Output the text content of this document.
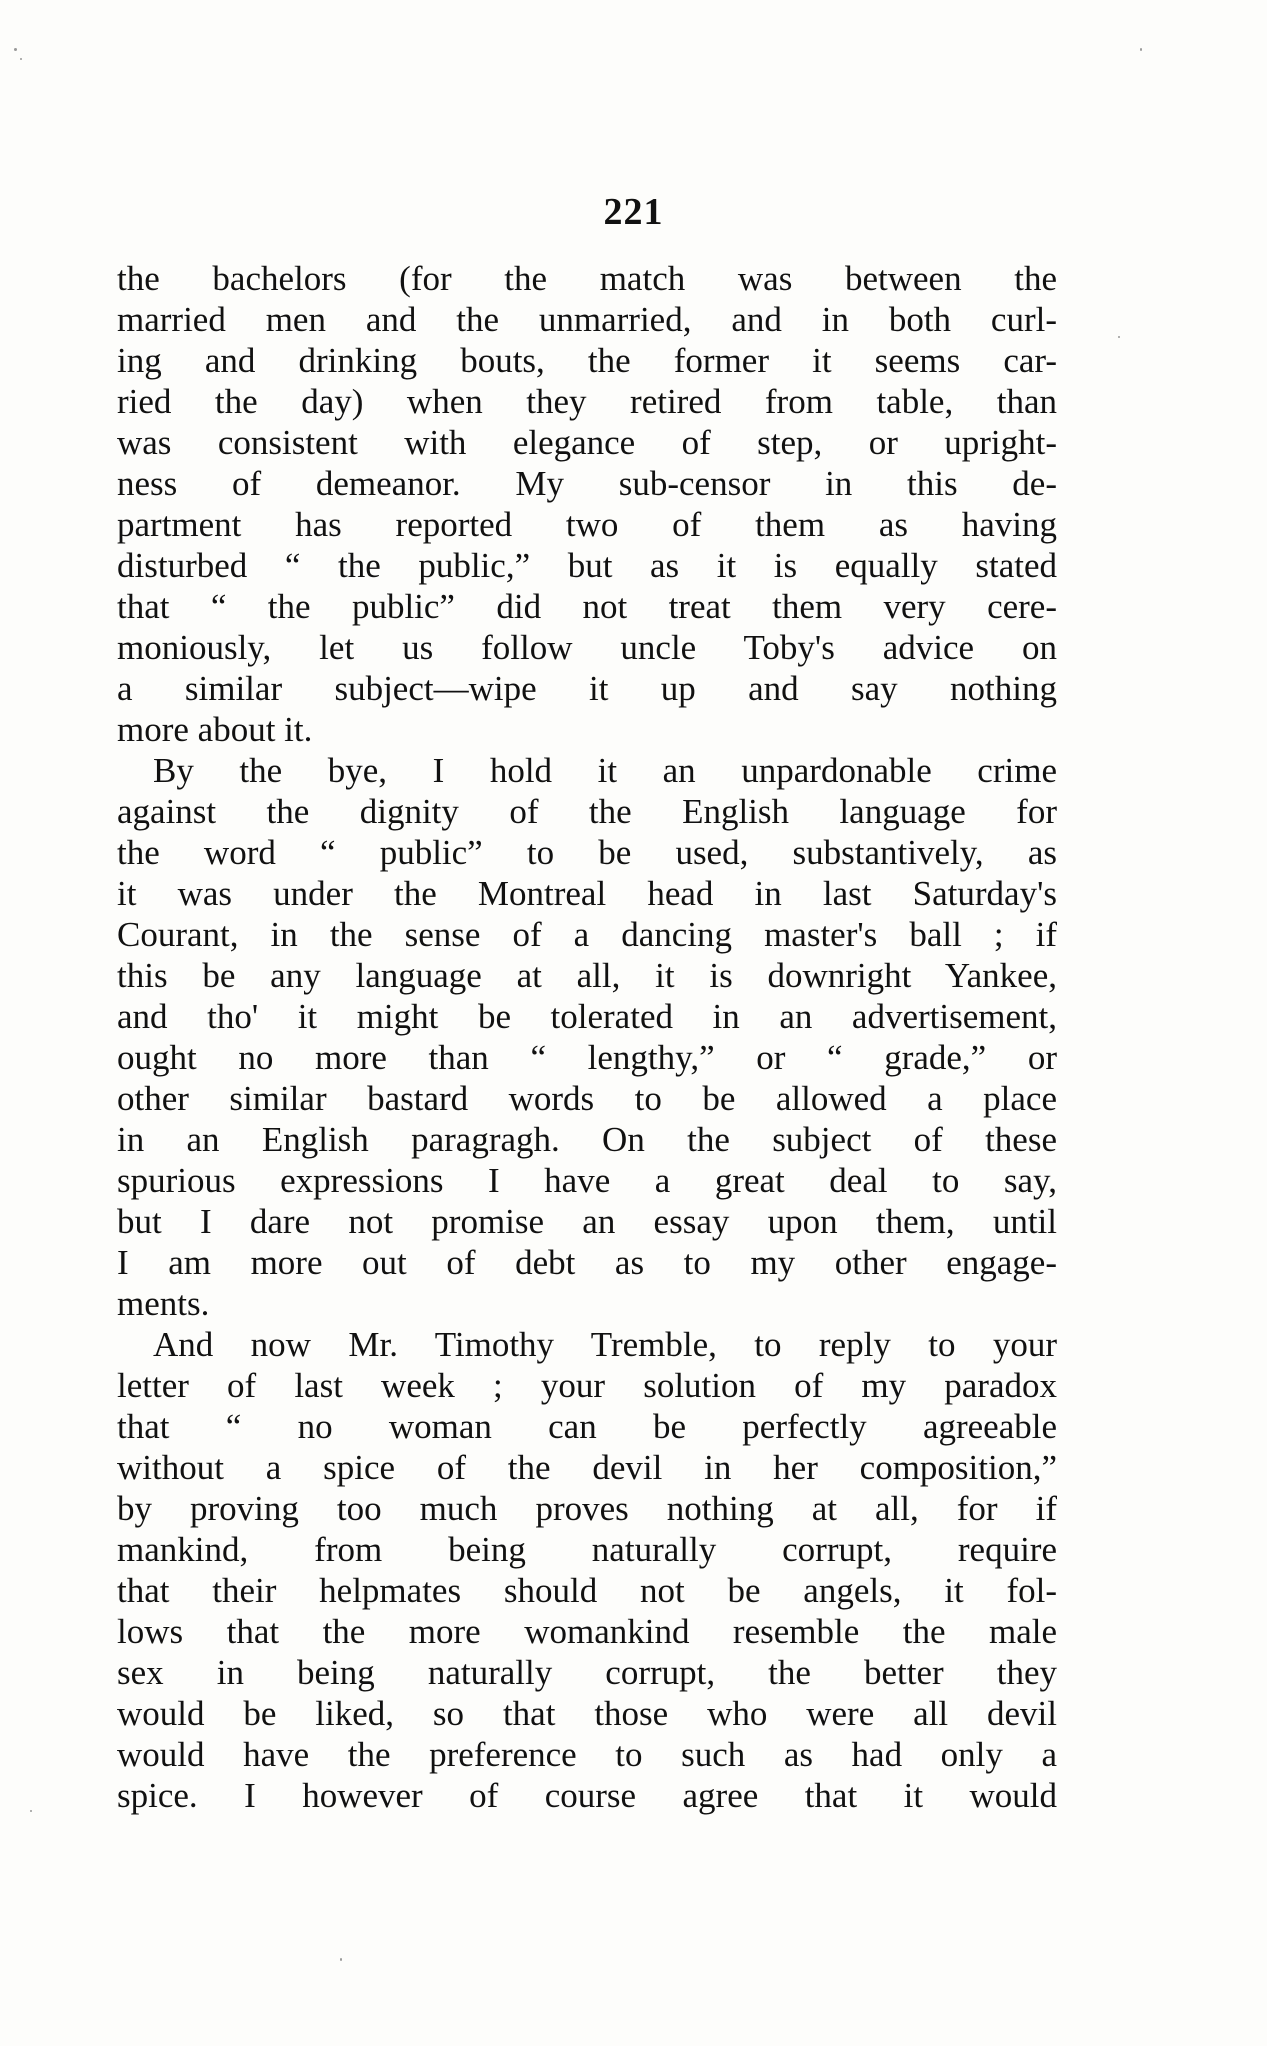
221
the bachelors (for the match was between the
married men and the unmarried, and in both curl-
ing and drinking bouts, the former it seems car-
ried the day) when they retired from table, than
was consistent with elegance of step, or upright-
ness of demeanor. My sub-censor in this de-
partment has reported two of them as having
disturbed “ the public,” but as it is equally stated
that “ the public” did not treat them very cere-
moniously, let us follow uncle Toby's advice on
a similar subject—wipe it up and say nothing
more about it.
By the bye, I hold it an unpardonable crime
against the dignity of the English language for
the word “ public” to be used, substantively, as
it was under the Montreal head in last Saturday's
Courant, in the sense of a dancing master's ball ; if
this be any language at all, it is downright Yankee,
and tho' it might be tolerated in an advertisement,
ought no more than “ lengthy,” or “ grade,” or
other similar bastard words to be allowed a place
in an English paragragh. On the subject of these
spurious expressions I have a great deal to say,
but I dare not promise an essay upon them, until
I am more out of debt as to my other engage-
ments.
And now Mr. Timothy Tremble, to reply to your
letter of last week ; your solution of my paradox
that “ no woman can be perfectly agreeable
without a spice of the devil in her composition,”
by proving too much proves nothing at all, for if
mankind, from being naturally corrupt, require
that their helpmates should not be angels, it fol-
lows that the more womankind resemble the male
sex in being naturally corrupt, the better they
would be liked, so that those who were all devil
would have the preference to such as had only a
spice. I however of course agree that it would
